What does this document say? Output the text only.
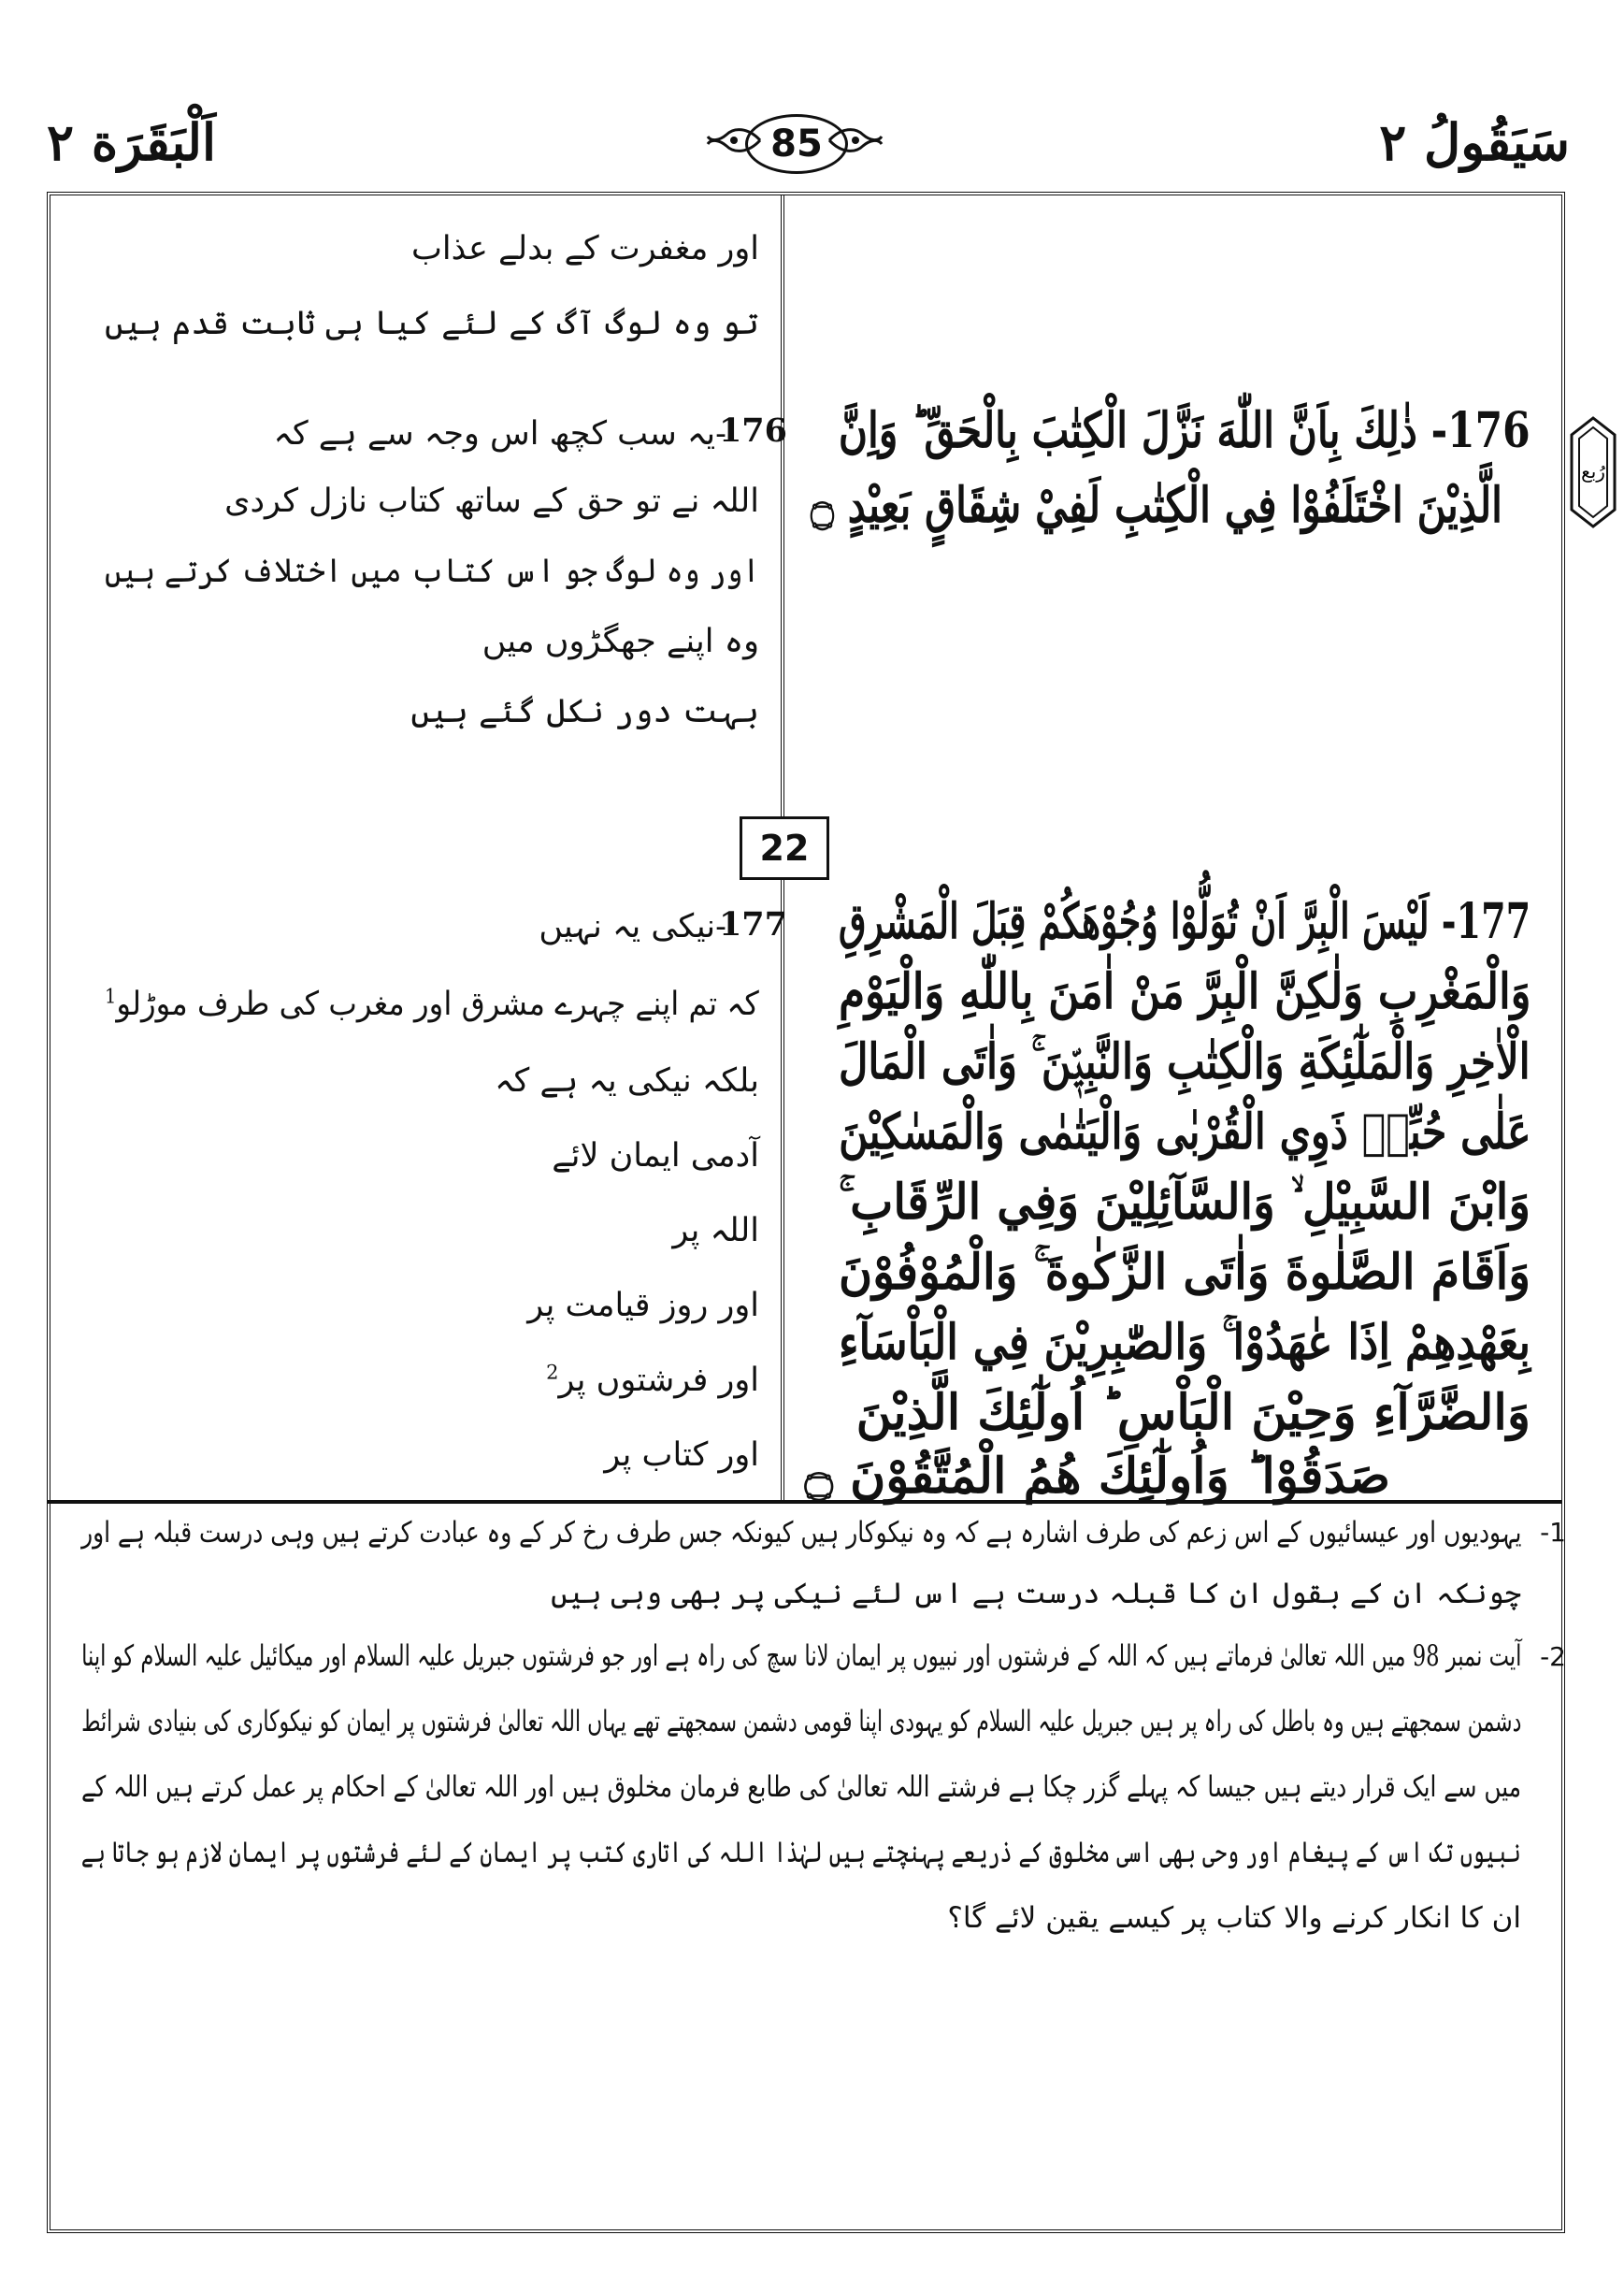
سَيَقُولُ ٢
85
اَلْبَقَرَة ٢
رُبع
اور مغفرت کے بدلے عذاب
تو وہ لوگ آگ کے لئے کیا ہی ثابت قدم ہیں
176
-یہ سب کچھ اس وجہ سے ہے کہ
اللہ نے تو حق کے ساتھ کتاب نازل کردی
اور وہ لوگ جو اس کتاب میں اختلاف کرتے ہیں
وہ اپنے جھگڑوں میں
بہت دور نکل گئے ہیں
176- ذٰلِكَ بِاَنَّ اللّٰهَ نَزَّلَ الْكِتٰبَ بِالْحَقِّ ؕ وَاِنَّ
الَّذِيْنَ اخْتَلَفُوْا فِي الْكِتٰبِ لَفِيْ شِقَاقٍ بَعِيْدٍ ۝
22
177- لَيْسَ الْبِرَّ اَنْ تُوَلُّوْا وُجُوْهَكُمْ قِبَلَ الْمَشْرِقِ
وَالْمَغْرِبِ وَلٰكِنَّ الْبِرَّ مَنْ اٰمَنَ بِاللّٰهِ وَالْيَوْمِ
الْاٰخِرِ وَالْمَلٰٓئِكَةِ وَالْكِتٰبِ وَالنَّبِيّٖنَ ۚ وَاٰتَى الْمَالَ
عَلٰى حُبِّهٖ ذَوِي الْقُرْبٰى وَالْيَتٰمٰى وَالْمَسٰكِيْنَ
وَابْنَ السَّبِيْلِ ۙ وَالسَّآئِلِيْنَ وَفِي الرِّقَابِ ۚ
وَاَقَامَ الصَّلٰوةَ وَاٰتَى الزَّكٰوةَ ۚ وَالْمُوْفُوْنَ
بِعَهْدِهِمْ اِذَا عٰهَدُوْا ۚ وَالصّٰبِرِيْنَ فِي الْبَاْسَآءِ
وَالضَّرَّآءِ وَحِيْنَ الْبَاْسِ ؕ اُولٰٓئِكَ الَّذِيْنَ
صَدَقُوْا ؕ وَاُولٰٓئِكَ هُمُ الْمُتَّقُوْنَ ۝
177
-نیکی یہ نہیں
کہ تم اپنے چہرے مشرق اور مغرب کی طرف موڑلو$^1$
بلکہ نیکی یہ ہے کہ
آدمی ایمان لائے
اللہ پر
اور روز قیامت پر
اور فرشتوں پر$^2$
اور کتاب پر
-1
یہودیوں اور عیسائیوں کے اس زعم کی طرف اشارہ ہے کہ وہ نیکوکار ہیں کیونکہ جس طرف رخ کر کے وہ عبادت کرتے ہیں وہی درست قبلہ ہے اور
چونکہ ان کے بقول ان کا قبلہ درست ہے اس لئے نیکی پر بھی وہی ہیں
-2
آیت نمبر 98 میں اللہ تعالیٰ فرماتے ہیں کہ اللہ کے فرشتوں اور نبیوں پر ایمان لانا سچ کی راہ ہے اور جو فرشتوں جبریل علیہ السلام اور میکائیل علیہ السلام کو اپنا
دشمن سمجھتے ہیں وہ باطل کی راہ پر ہیں جبریل علیہ السلام کو یہودی اپنا قومی دشمن سمجھتے تھے یہاں اللہ تعالیٰ فرشتوں پر ایمان کو نیکوکاری کی بنیادی شرائط
میں سے ایک قرار دیتے ہیں جیسا کہ پہلے گزر چکا ہے فرشتے اللہ تعالیٰ کی طابع فرمان مخلوق ہیں اور اللہ تعالیٰ کے احکام پر عمل کرتے ہیں اللہ کے
نبیوں تک اس کے پیغام اور وحی بھی اسی مخلوق کے ذریعے پہنچتے ہیں لہٰذا اللہ کی اتاری کتب پر ایمان کے لئے فرشتوں پر ایمان لازم ہو جاتا ہے
ان کا انکار کرنے والا کتاب پر کیسے یقین لائے گا؟
